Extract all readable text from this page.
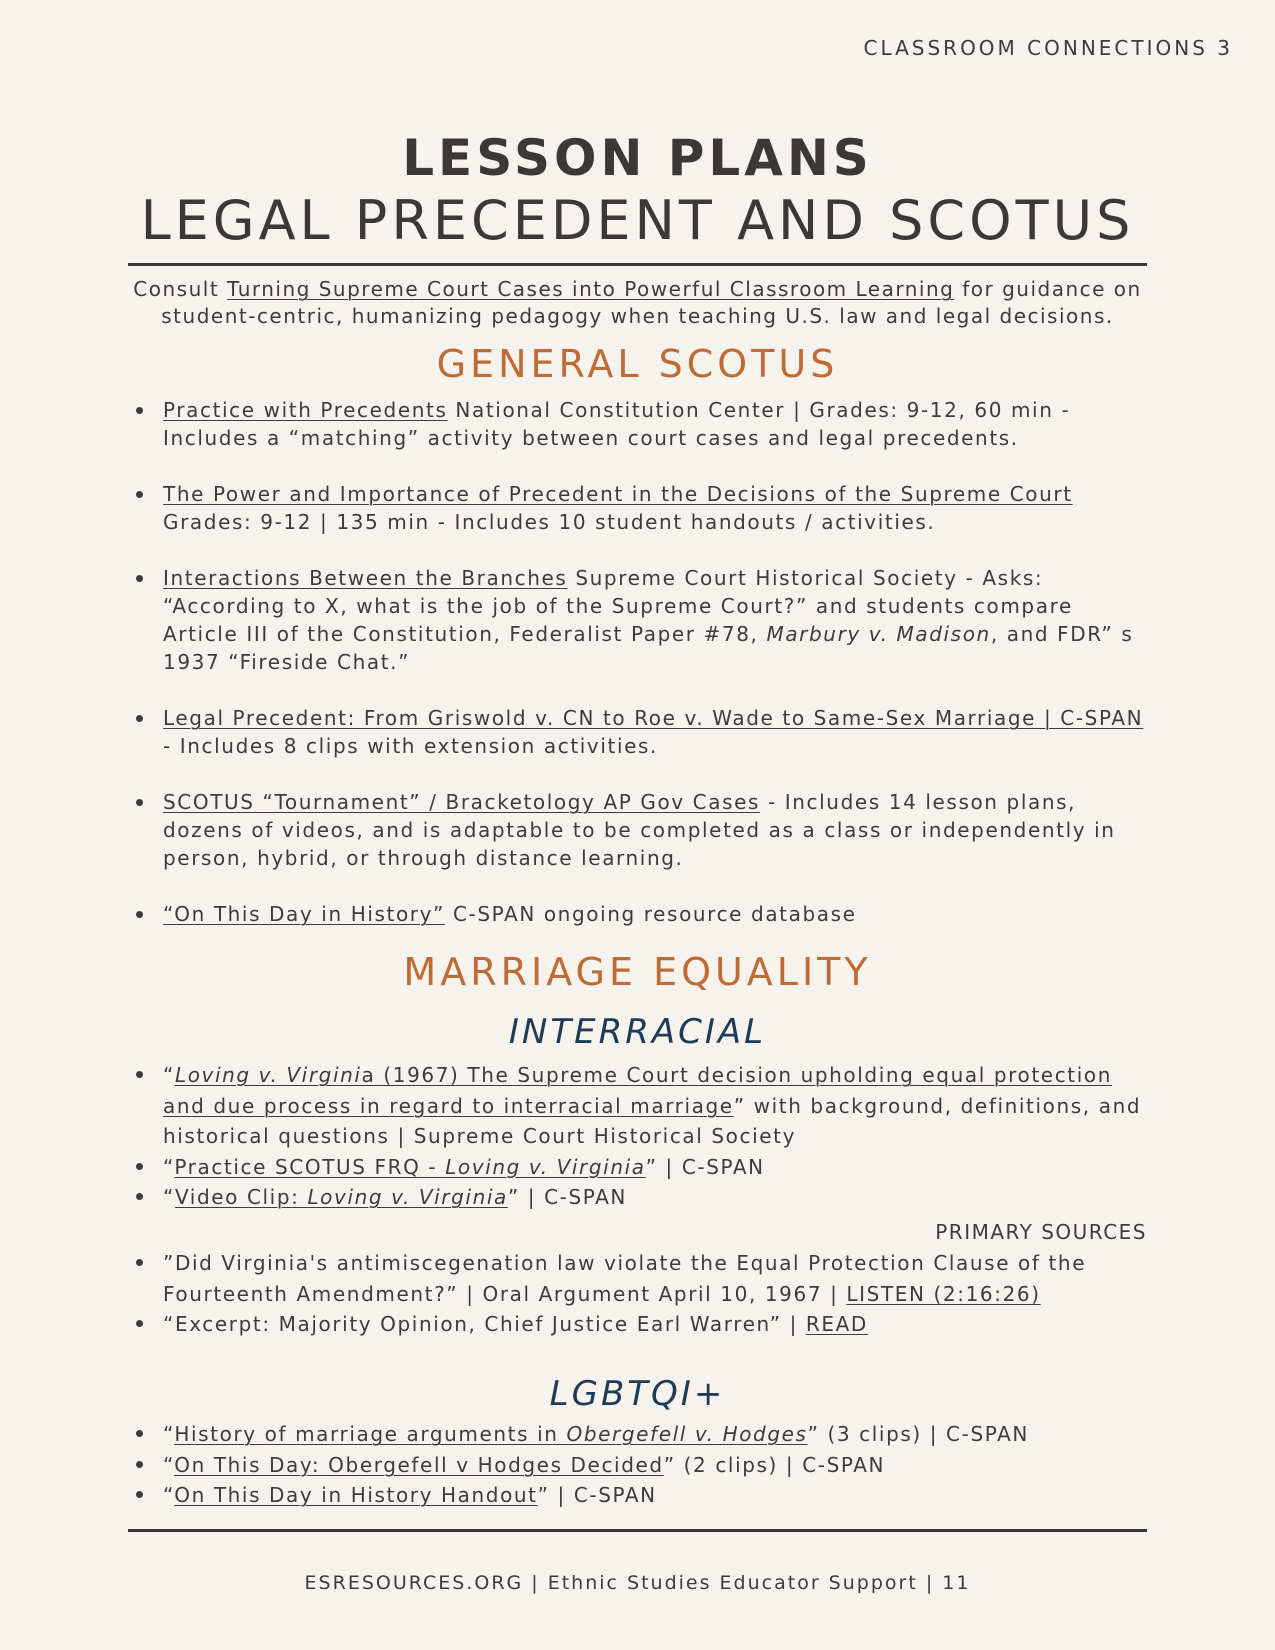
CLASSROOM CONNECTIONS 3
LESSON PLANS
LEGAL PRECEDENT AND SCOTUS
Consult Turning Supreme Court Cases into Powerful Classroom Learning for guidance on student-centric, humanizing pedagogy when teaching U.S. law and legal decisions.
GENERAL SCOTUS
Practice with Precedents National Constitution Center | Grades: 9-12, 60 min - Includes a “matching” activity between court cases and legal precedents.
The Power and Importance of Precedent in the Decisions of the Supreme Court Grades: 9-12 | 135 min - Includes 10 student handouts / activities.
Interactions Between the Branches Supreme Court Historical Society - Asks: “According to X, what is the job of the Supreme Court?” and students compare Article III of the Constitution, Federalist Paper #78, Marbury v. Madison, and FDR” s 1937 “Fireside Chat.”
Legal Precedent: From Griswold v. CN to Roe v. Wade to Same-Sex Marriage | C-SPAN - Includes 8 clips with extension activities.
SCOTUS “Tournament” / Bracketology AP Gov Cases - Includes 14 lesson plans, dozens of videos, and is adaptable to be completed as a class or independently in person, hybrid, or through distance learning.
“On This Day in History” C-SPAN ongoing resource database
MARRIAGE EQUALITY
INTERRACIAL
“Loving v. Virginia (1967) The Supreme Court decision upholding equal protection and due process in regard to interracial marriage” with background, definitions, and historical questions | Supreme Court Historical Society
“Practice SCOTUS FRQ - Loving v. Virginia” | C-SPAN
“Video Clip: Loving v. Virginia” | C-SPAN
PRIMARY SOURCES
”Did Virginia's antimiscegenation law violate the Equal Protection Clause of the Fourteenth Amendment?” | Oral Argument April 10, 1967 | LISTEN (2:16:26)
“Excerpt: Majority Opinion, Chief Justice Earl Warren” | READ
LGBTQI+
“History of marriage arguments in Obergefell v. Hodges” (3 clips) | C-SPAN
“On This Day: Obergefell v Hodges Decided” (2 clips) | C-SPAN
“On This Day in History Handout” | C-SPAN
ESRESOURCES.ORG | Ethnic Studies Educator Support | 11
